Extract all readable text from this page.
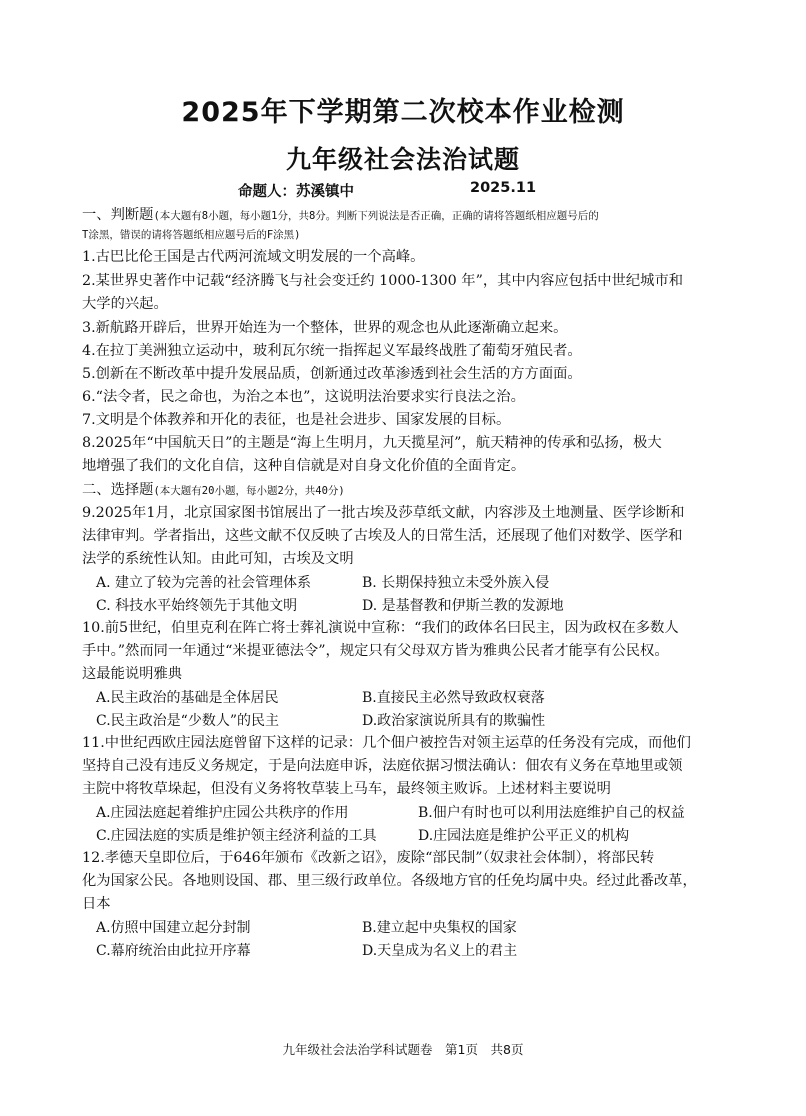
2025年下学期第二次校本作业检测
九年级社会法治试题
命题人：苏溪镇中	2025.11
一、判断题(本大题有8小题，每小题1分，共8分。判断下列说法是否正确，正确的请将答题纸相应题号后的
T涂黑，错误的请将答题纸相应题号后的F涂黑)
1.古巴比伦王国是古代两河流域文明发展的一个高峰。
2.某世界史著作中记载“经济腾飞与社会变迁约 1000-1300 年”，其中内容应包括中世纪城市和
大学的兴起。
3.新航路开辟后，世界开始连为一个整体，世界的观念也从此逐渐确立起来。
4.在拉丁美洲独立运动中，玻利瓦尔统一指挥起义军最终战胜了葡萄牙殖民者。
5.创新在不断改革中提升发展品质，创新通过改革渗透到社会生活的方方面面。
6.“法令者，民之命也，为治之本也”，这说明法治要求实行良法之治。
7.文明是个体教养和开化的表征，也是社会进步、国家发展的目标。
8.2025年“中国航天日”的主题是“海上生明月，九天揽星河”，航天精神的传承和弘扬，极大
地增强了我们的文化自信，这种自信就是对自身文化价值的全面肯定。
二、选择题(本大题有20小题，每小题2分，共40分)
9.2025年1月，北京国家图书馆展出了一批古埃及莎草纸文献，内容涉及土地测量、医学诊断和
法律审判。学者指出，这些文献不仅反映了古埃及人的日常生活，还展现了他们对数学、医学和
法学的系统性认知。由此可知，古埃及文明
A. 建立了较为完善的社会管理体系	B. 长期保持独立未受外族入侵
C. 科技水平始终领先于其他文明	D. 是基督教和伊斯兰教的发源地
10.前5世纪，伯里克利在阵亡将士葬礼演说中宣称：“我们的政体名曰民主，因为政权在多数人
手中。”然而同一年通过“米提亚德法令”，规定只有父母双方皆为雅典公民者才能享有公民权。
这最能说明雅典
A.民主政治的基础是全体居民	B.直接民主必然导致政权衰落
C.民主政治是“少数人”的民主	D.政治家演说所具有的欺骗性
11.中世纪西欧庄园法庭曾留下这样的记录：几个佃户被控告对领主运草的任务没有完成，而他们
坚持自己没有违反义务规定，于是向法庭申诉，法庭依据习惯法确认：佃农有义务在草地里或领
主院中将牧草垛起，但没有义务将牧草装上马车，最终领主败诉。上述材料主要说明
A.庄园法庭起着维护庄园公共秩序的作用	B.佃户有时也可以利用法庭维护自己的权益
C.庄园法庭的实质是维护领主经济利益的工具	D.庄园法庭是维护公平正义的机构
12.孝德天皇即位后，于646年颁布《改新之诏》，废除“部民制”（奴隶社会体制），将部民转
化为国家公民。各地则设国、郡、里三级行政单位。各级地方官的任免均属中央。经过此番改革，
日本
A.仿照中国建立起分封制	B.建立起中央集权的国家
C.幕府统治由此拉开序幕	D.天皇成为名义上的君主
九年级社会法治学科试题卷　第1页　共8页
